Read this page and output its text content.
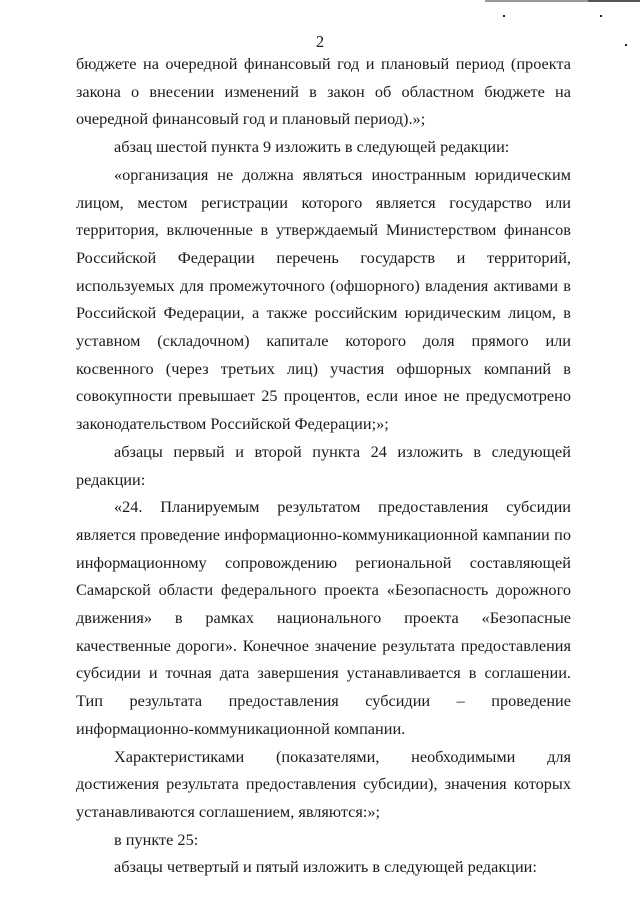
2

бюджете на очередной финансовый год и плановый период (проекта закона о внесении изменений в закон об областном бюджете на очередной финансовый год и плановый период).»;

абзац шестой пункта 9 изложить в следующей редакции:

«организация не должна являться иностранным юридическим лицом, местом регистрации которого является государство или территория, включенные в утверждаемый Министерством финансов Российской Федерации перечень государств и территорий, используемых для промежуточного (офшорного) владения активами в Российской Федерации, а также российским юридическим лицом, в уставном (складочном) капитале которого доля прямого или косвенного (через третьих лиц) участия офшорных компаний в совокупности превышает 25 процентов, если иное не предусмотрено законодательством Российской Федерации;»;

абзацы первый и второй пункта 24 изложить в следующей редакции:

«24. Планируемым результатом предоставления субсидии является проведение информационно-коммуникационной кампании по информационному сопровождению региональной составляющей Самарской области федерального проекта «Безопасность дорожного движения» в рамках национального проекта «Безопасные качественные дороги». Конечное значение результата предоставления субсидии и точная дата завершения устанавливается в соглашении. Тип результата предоставления субсидии – проведение информационно-коммуникационной компании.

Характеристиками (показателями, необходимыми для достижения результата предоставления субсидии), значения которых устанавливаются соглашением, являются:»;

в пункте 25:

абзацы четвертый и пятый изложить в следующей редакции:
